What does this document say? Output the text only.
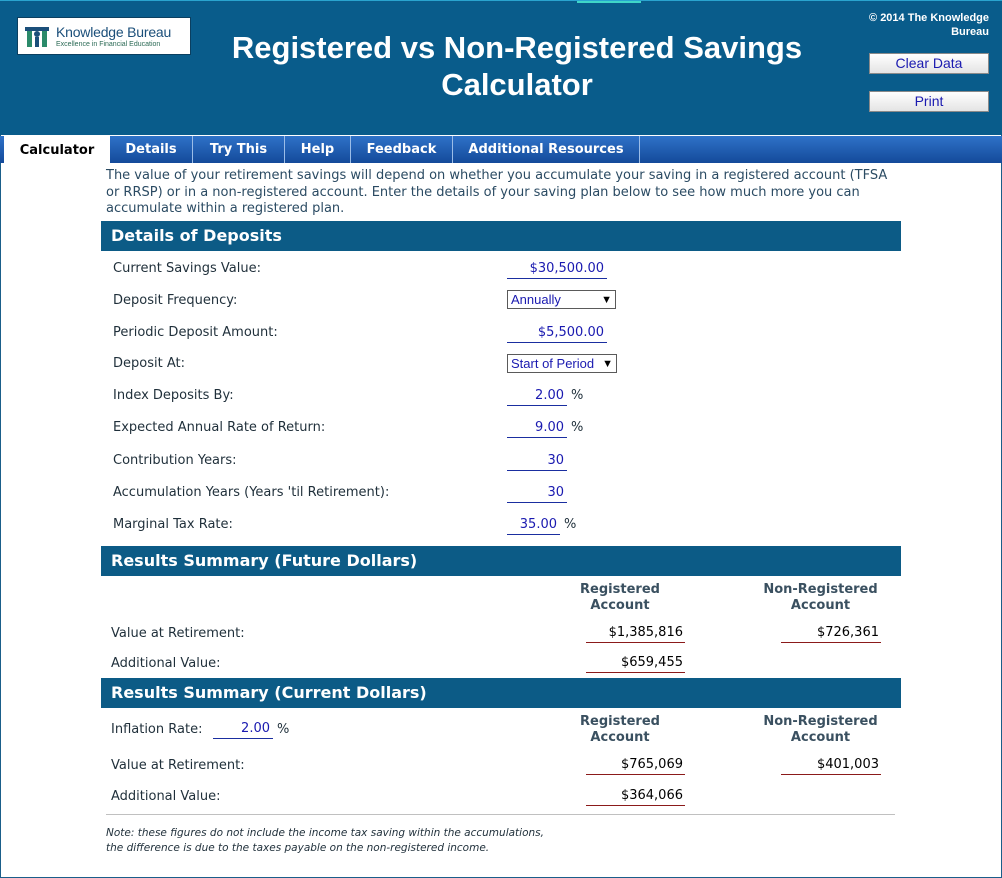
Knowledge Bureau
Excellence in Financial Education	Registered vs Non-Registered Savings
Calculator
© 2014 The Knowledge
Bureau
Clear Data
Print
Calculator	Details	Try This	Help	Feedback	Additional Resources
The value of your retirement savings will depend on whether you accumulate your saving in a registered account (TFSA or RRSP) or in a non-registered account. Enter the details of your saving plan below to see how much more you can accumulate within a registered plan.
Details of Deposits
Current Savings Value:	$30,500.00
Deposit Frequency:	Annually	▼
Periodic Deposit Amount:	$5,500.00
Deposit At:	Start of Period ▼
Index Deposits By:	2.00 %
Expected Annual Rate of Return:	9.00 %
Contribution Years:	30
Accumulation Years (Years 'til Retirement):	30
Marginal Tax Rate:	35.00 %
Results Summary (Future Dollars)
Registered
Account
Non-Registered
Account
Value at Retirement:	$1,385,816	$726,361
Additional Value:	$659,455
Results Summary (Current Dollars)
Inflation Rate:	2.00 %
Registered
Account
Non-Registered
Account
Value at Retirement:	$765,069	$401,003
Additional Value:	$364,066
Note: these figures do not include the income tax saving within the accumulations,
the difference is due to the taxes payable on the non-registered income.
